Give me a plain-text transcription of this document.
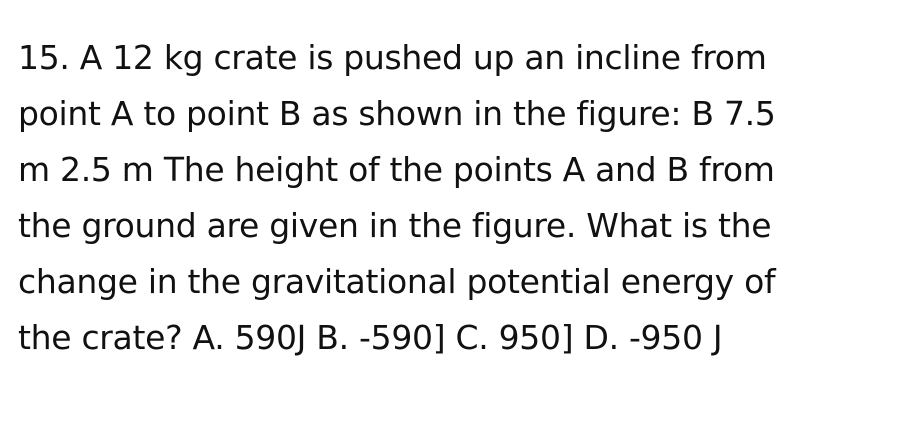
15. A 12 kg crate is pushed up an incline from
point A to point B as shown in the figure: B 7.5
m 2.5 m The height of the points A and B from
the ground are given in the figure. What is the
change in the gravitational potential energy of
the crate? A. 590J B. -590] C. 950] D. -950 J
